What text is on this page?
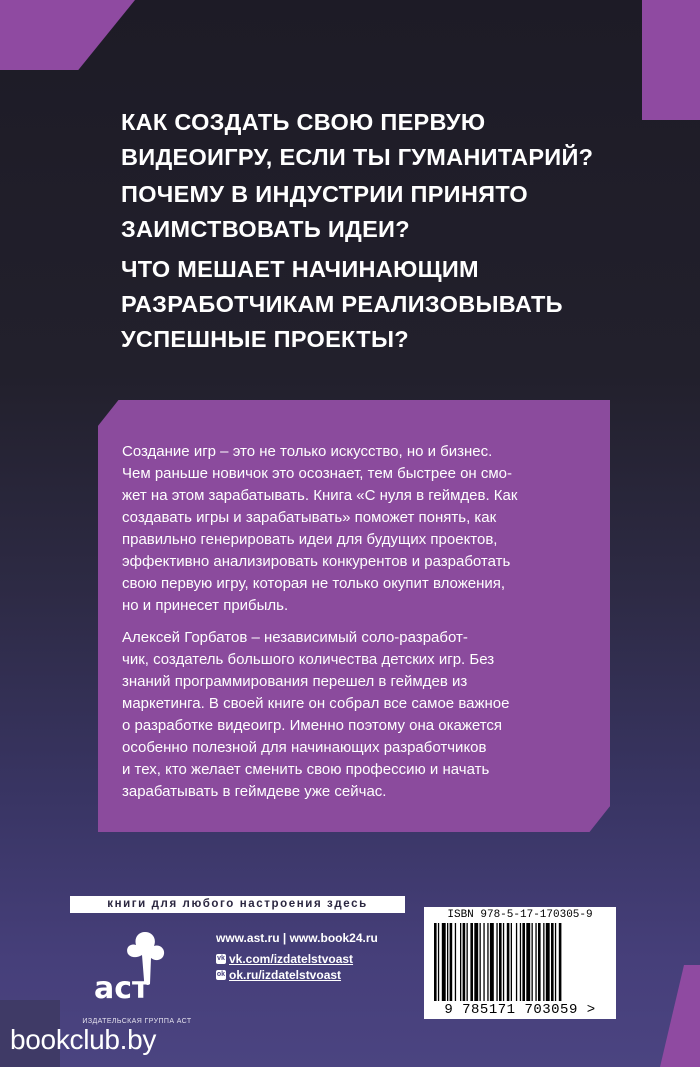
КАК СОЗДАТЬ СВОЮ ПЕРВУЮ
ВИДЕОИГРУ, ЕСЛИ ТЫ ГУМАНИТАРИЙ?
ПОЧЕМУ В ИНДУСТРИИ ПРИНЯТО
ЗАИМСТВОВАТЬ ИДЕИ?
ЧТО МЕШАЕТ НАЧИНАЮЩИМ
РАЗРАБОТЧИКАМ РЕАЛИЗОВЫВАТЬ
УСПЕШНЫЕ ПРОЕКТЫ?

Создание игр – это не только искусство, но и бизнес.
Чем раньше новичок это осознает, тем быстрее он смо-
жет на этом зарабатывать. Книга «С нуля в геймдев. Как
создавать игры и зарабатывать» поможет понять, как
правильно генерировать идеи для будущих проектов,
эффективно анализировать конкурентов и разработать
свою первую игру, которая не только окупит вложения,
но и принесет прибыль.

Алексей Горбатов – независимый соло-разработ-
чик, создатель большого количества детских игр. Без
знаний программирования перешел в геймдев из
маркетинга. В своей книге он собрал все самое важное
о разработке видеоигр. Именно поэтому она окажется
особенно полезной для начинающих разработчиков
и тех, кто желает сменить свою профессию и начать
зарабатывать в геймдеве уже сейчас.

книги для любого настроения здесь
аст
ИЗДАТЕЛЬСКАЯ ГРУППА АСТ
www.ast.ru | www.book24.ru
vk vk.com/izdatelstvoast
ok ok.ru/izdatelstvoast
ISBN 978-5-17-170305-9
9 785171 703059 >
bookclub.by
